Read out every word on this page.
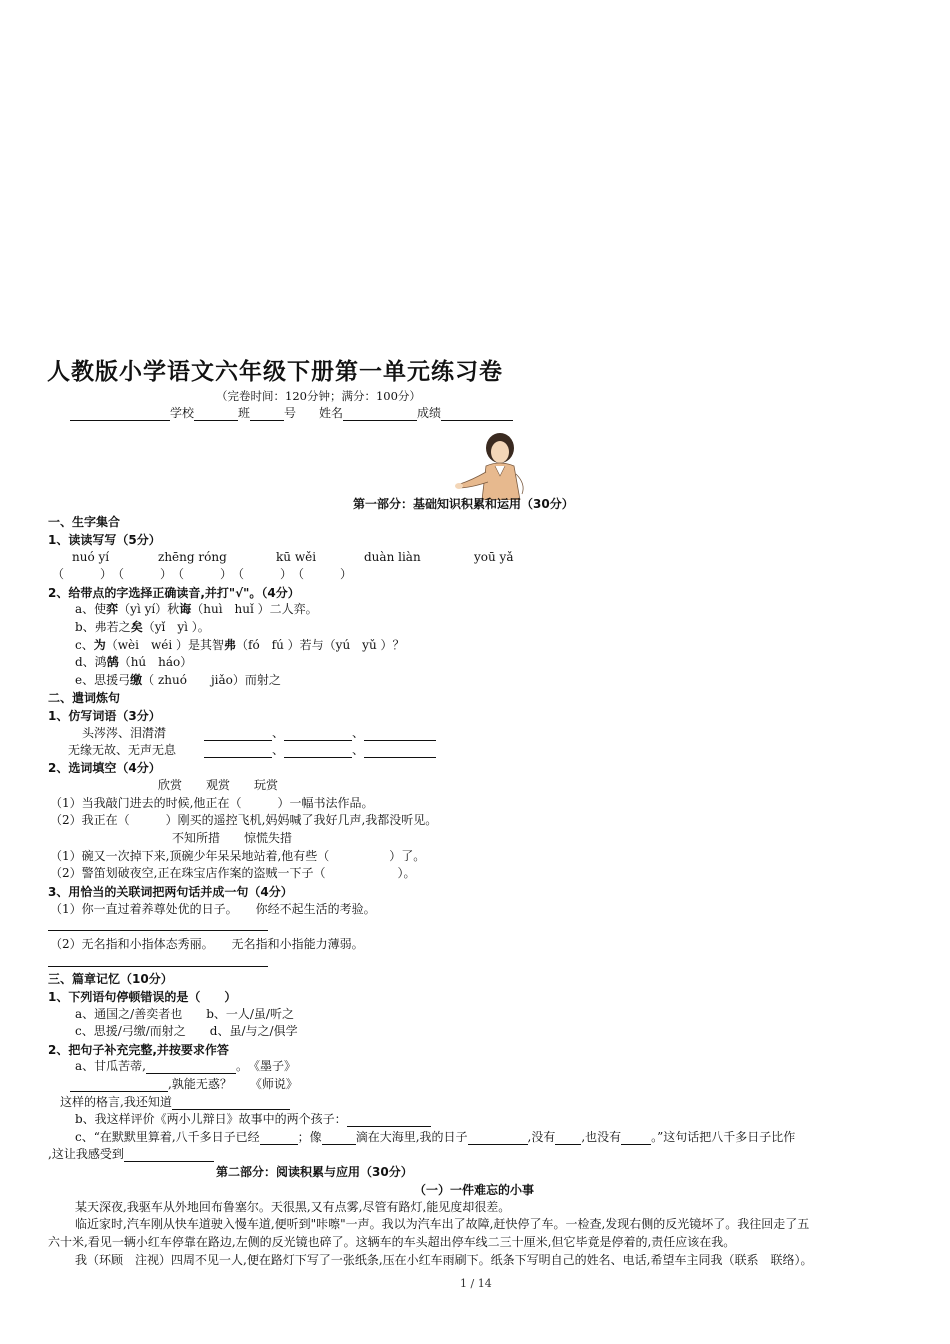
人教版小学语文六年级下册第一单元练习卷
（完卷时间：120分钟；满分：100分）
学校	班	号 姓名	成绩
第一部分：基础知识积累和运用（30分）
一、生字集合
1、读读写写（5分）
nuó yí	zhēng róng	kū wěi	duàn liàn	yoū yǎ
（　　　）　（　　　）　（　　　）　（　　　）　（　　　）
2、给带点的字选择正确读音,并打"√"。（4分）
a、使弈（yì yí）秋诲（huì　huǐ ）二人弈。
b、弗若之矣（yǐ　yì ）。
c、为（wèi　wéi ）是其智弗（fó　fú ）若与（yú　yǔ ）？
d、鸿鹄（hú　háo）
e、思援弓缴（ zhuó　　jiǎo）而射之
二、遣词炼句
1、仿写词语（3分）
头涔涔、泪潸潸	、	、
无缘无故、无声无息	、	、
2、选词填空（4分）
欣赏　　观赏　　玩赏
（1）当我敲门进去的时候,他正在（　　　）一幅书法作品。
（2）我正在（　　　）刚买的遥控飞机,妈妈喊了我好几声,我都没听见。
不知所措　　惊慌失措
（1）碗又一次掉下来,顶碗少年呆呆地站着,他有些（　　　　　）了。
（2）警笛划破夜空,正在珠宝店作案的盗贼一下子（　　　　　　）。
3、用恰当的关联词把两句话并成一句（4分）
（1）你一直过着养尊处优的日子。　　你经不起生活的考验。
（2）无名指和小指体态秀丽。　　无名指和小指能力薄弱。
三、篇章记忆（10分）
1、下列语句停顿错误的是（　　）
a、通国之/善奕者也　　b、一人/虽/听之
c、思援/弓缴/而射之　　d、虽/与之/俱学
2、把句子补充完整,并按要求作答
a、甘瓜苦蒂,	。　《墨子》
,孰能无惑？　　《师说》
这样的格言,我还知道
b、我这样评价《两小儿辩日》故事中的两个孩子：
c、“在默默里算着,八千多日子已经	；像	滴在大海里,我的日子	,没有 ,也没有	。”这句话把八千多日子比作
,这让我感受到
第二部分：阅读积累与应用（30分）
（一）一件难忘的小事
某天深夜,我驱车从外地回布鲁塞尔。天很黑,又有点雾,尽管有路灯,能见度却很差。
临近家时,汽车刚从快车道驶入慢车道,便听到"咔嚓"一声。我以为汽车出了故障,赶快停了车。一检查,发现右侧的反光镜坏了。我往回走了五
六十米,看见一辆小红车停靠在路边,左侧的反光镜也碎了。这辆车的车头超出停车线二三十厘米,但它毕竟是停着的,责任应该在我。
我（环顾　注视）四周不见一人,便在路灯下写了一张纸条,压在小红车雨刷下。纸条下写明自己的姓名、电话,希望车主同我（联系　联络）。
1 / 14
